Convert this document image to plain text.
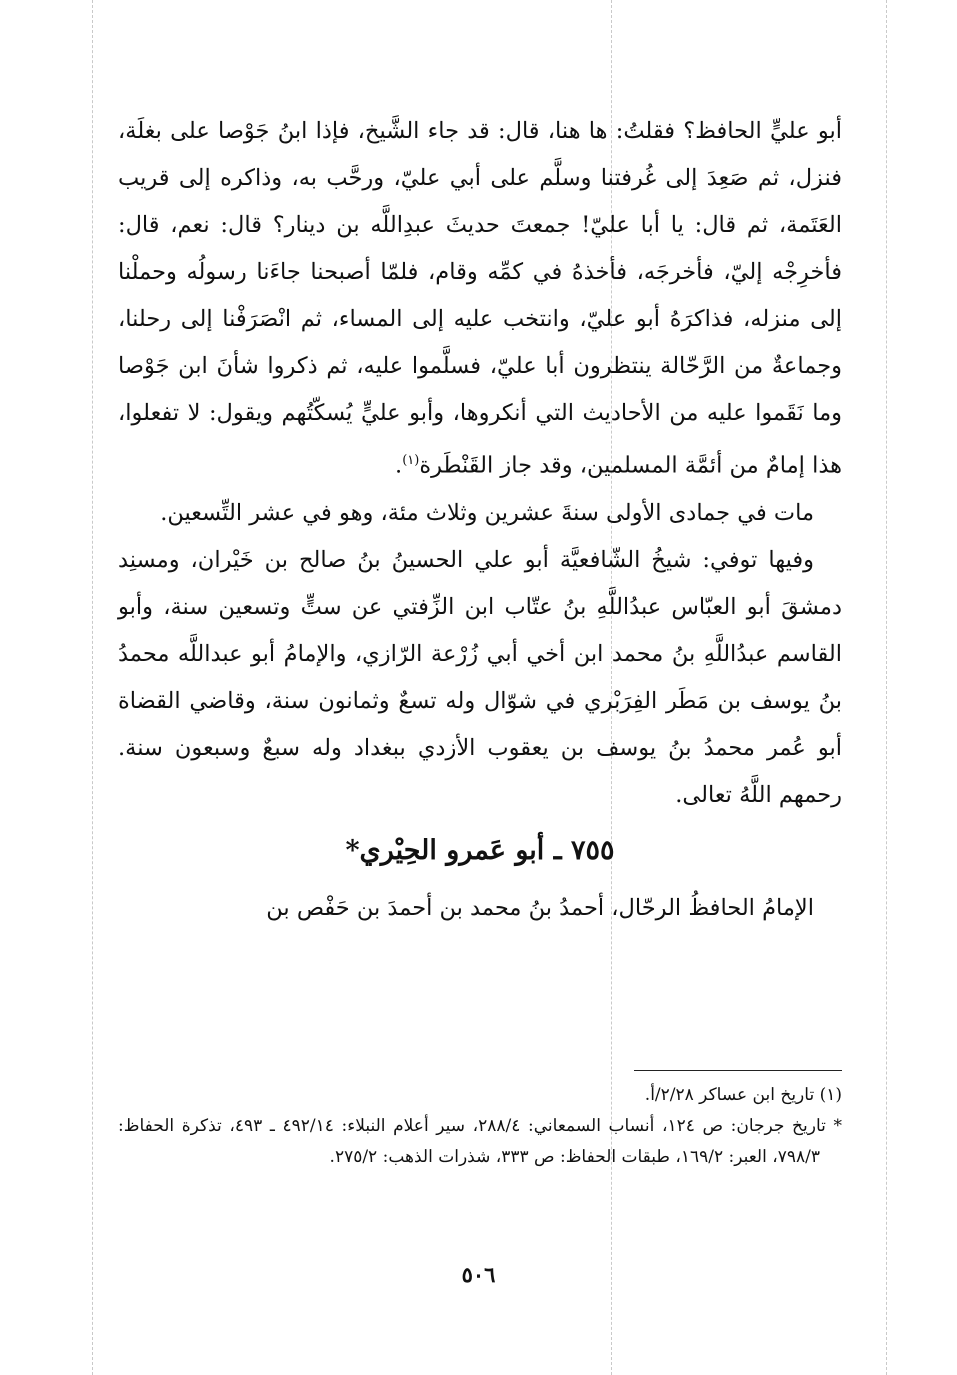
أبو عليٍّ الحافظ؟ فقلتُ: ها هنا، قال: قد جاء الشَّيخ، فإذا ابنُ جَوْصا على بغلَة، فنزل، ثم صَعِدَ إلى غُرفتنا وسلَّم على أبي عليّ، ورحَّب به، وذاكره إلى قريب العَتَمة، ثم قال: يا أبا عليّ! جمعتَ حديثَ عبدِاللَّه بن دينار؟ قال: نعم، قال: فأخرِجْه إليّ، فأخرجَه، فأخذهُ في كمِّه وقام، فلمّا أصبحنا جاءَنا رسولُه وحملْنا إلى منزله، فذاكرَهُ أبو عليّ، وانتخب عليه إلى المساء، ثم انْصَرَفْنا إلى رحلنا، وجماعةٌ من الرَّحّالة ينتظرون أبا عليّ، فسلَّموا عليه، ثم ذكروا شأنَ ابن جَوْصا وما نَقَموا عليه من الأحاديث التي أنكروها، وأبو عليٍّ يُسكّتُهم ويقول: لا تفعلوا، هذا إمامٌ من أئمَّة المسلمين، وقد جاز القَنْطَرة$^{(١)}$.

مات في جمادى الأولى سنةَ عشرين وثلاث مئة، وهو في عشر التِّسعين.

وفيها توفي: شيخُ الشّافعيَّة أبو علي الحسينُ بنُ صالح بن خَيْران، ومسنِد دمشقَ أبو العبّاس عبدُاللَّهِ بنُ عتّاب ابن الزِّفتي عن ستٍّ وتسعين سنة، وأبو القاسم عبدُاللَّهِ بنُ محمد ابن أخي أبي زُرْعة الرّازي، والإمامُ أبو عبداللَّه محمدُ بنُ يوسف بن مَطَر الفِرَبْري في شوّال وله تسعٌ وثمانون سنة، وقاضي القضاة أبو عُمر محمدُ بنُ يوسف بن يعقوب الأزدي ببغداد وله سبعٌ وسبعون سنة. رحمهم اللَّهُ تعالى.

٧٥٥ ـ أبو عَمرو الحِيْري*

الإمامُ الحافظُ الرحّال، أحمدُ بنُ محمد بن أحمدَ بن حَفْص بن

(١) تاريخ ابن عساكر ٢/٢٨/أ.

* تاريخ جرجان: ص ١٢٤، أنساب السمعاني: ٢٨٨/٤، سير أعلام النبلاء: ٤٩٢/١٤ ـ ٤٩٣، تذكرة الحفاظ: ٧٩٨/٣، العبر: ١٦٩/٢، طبقات الحفاظ: ص ٣٣٣، شذرات الذهب: ٢٧٥/٢.

٥٠٦
